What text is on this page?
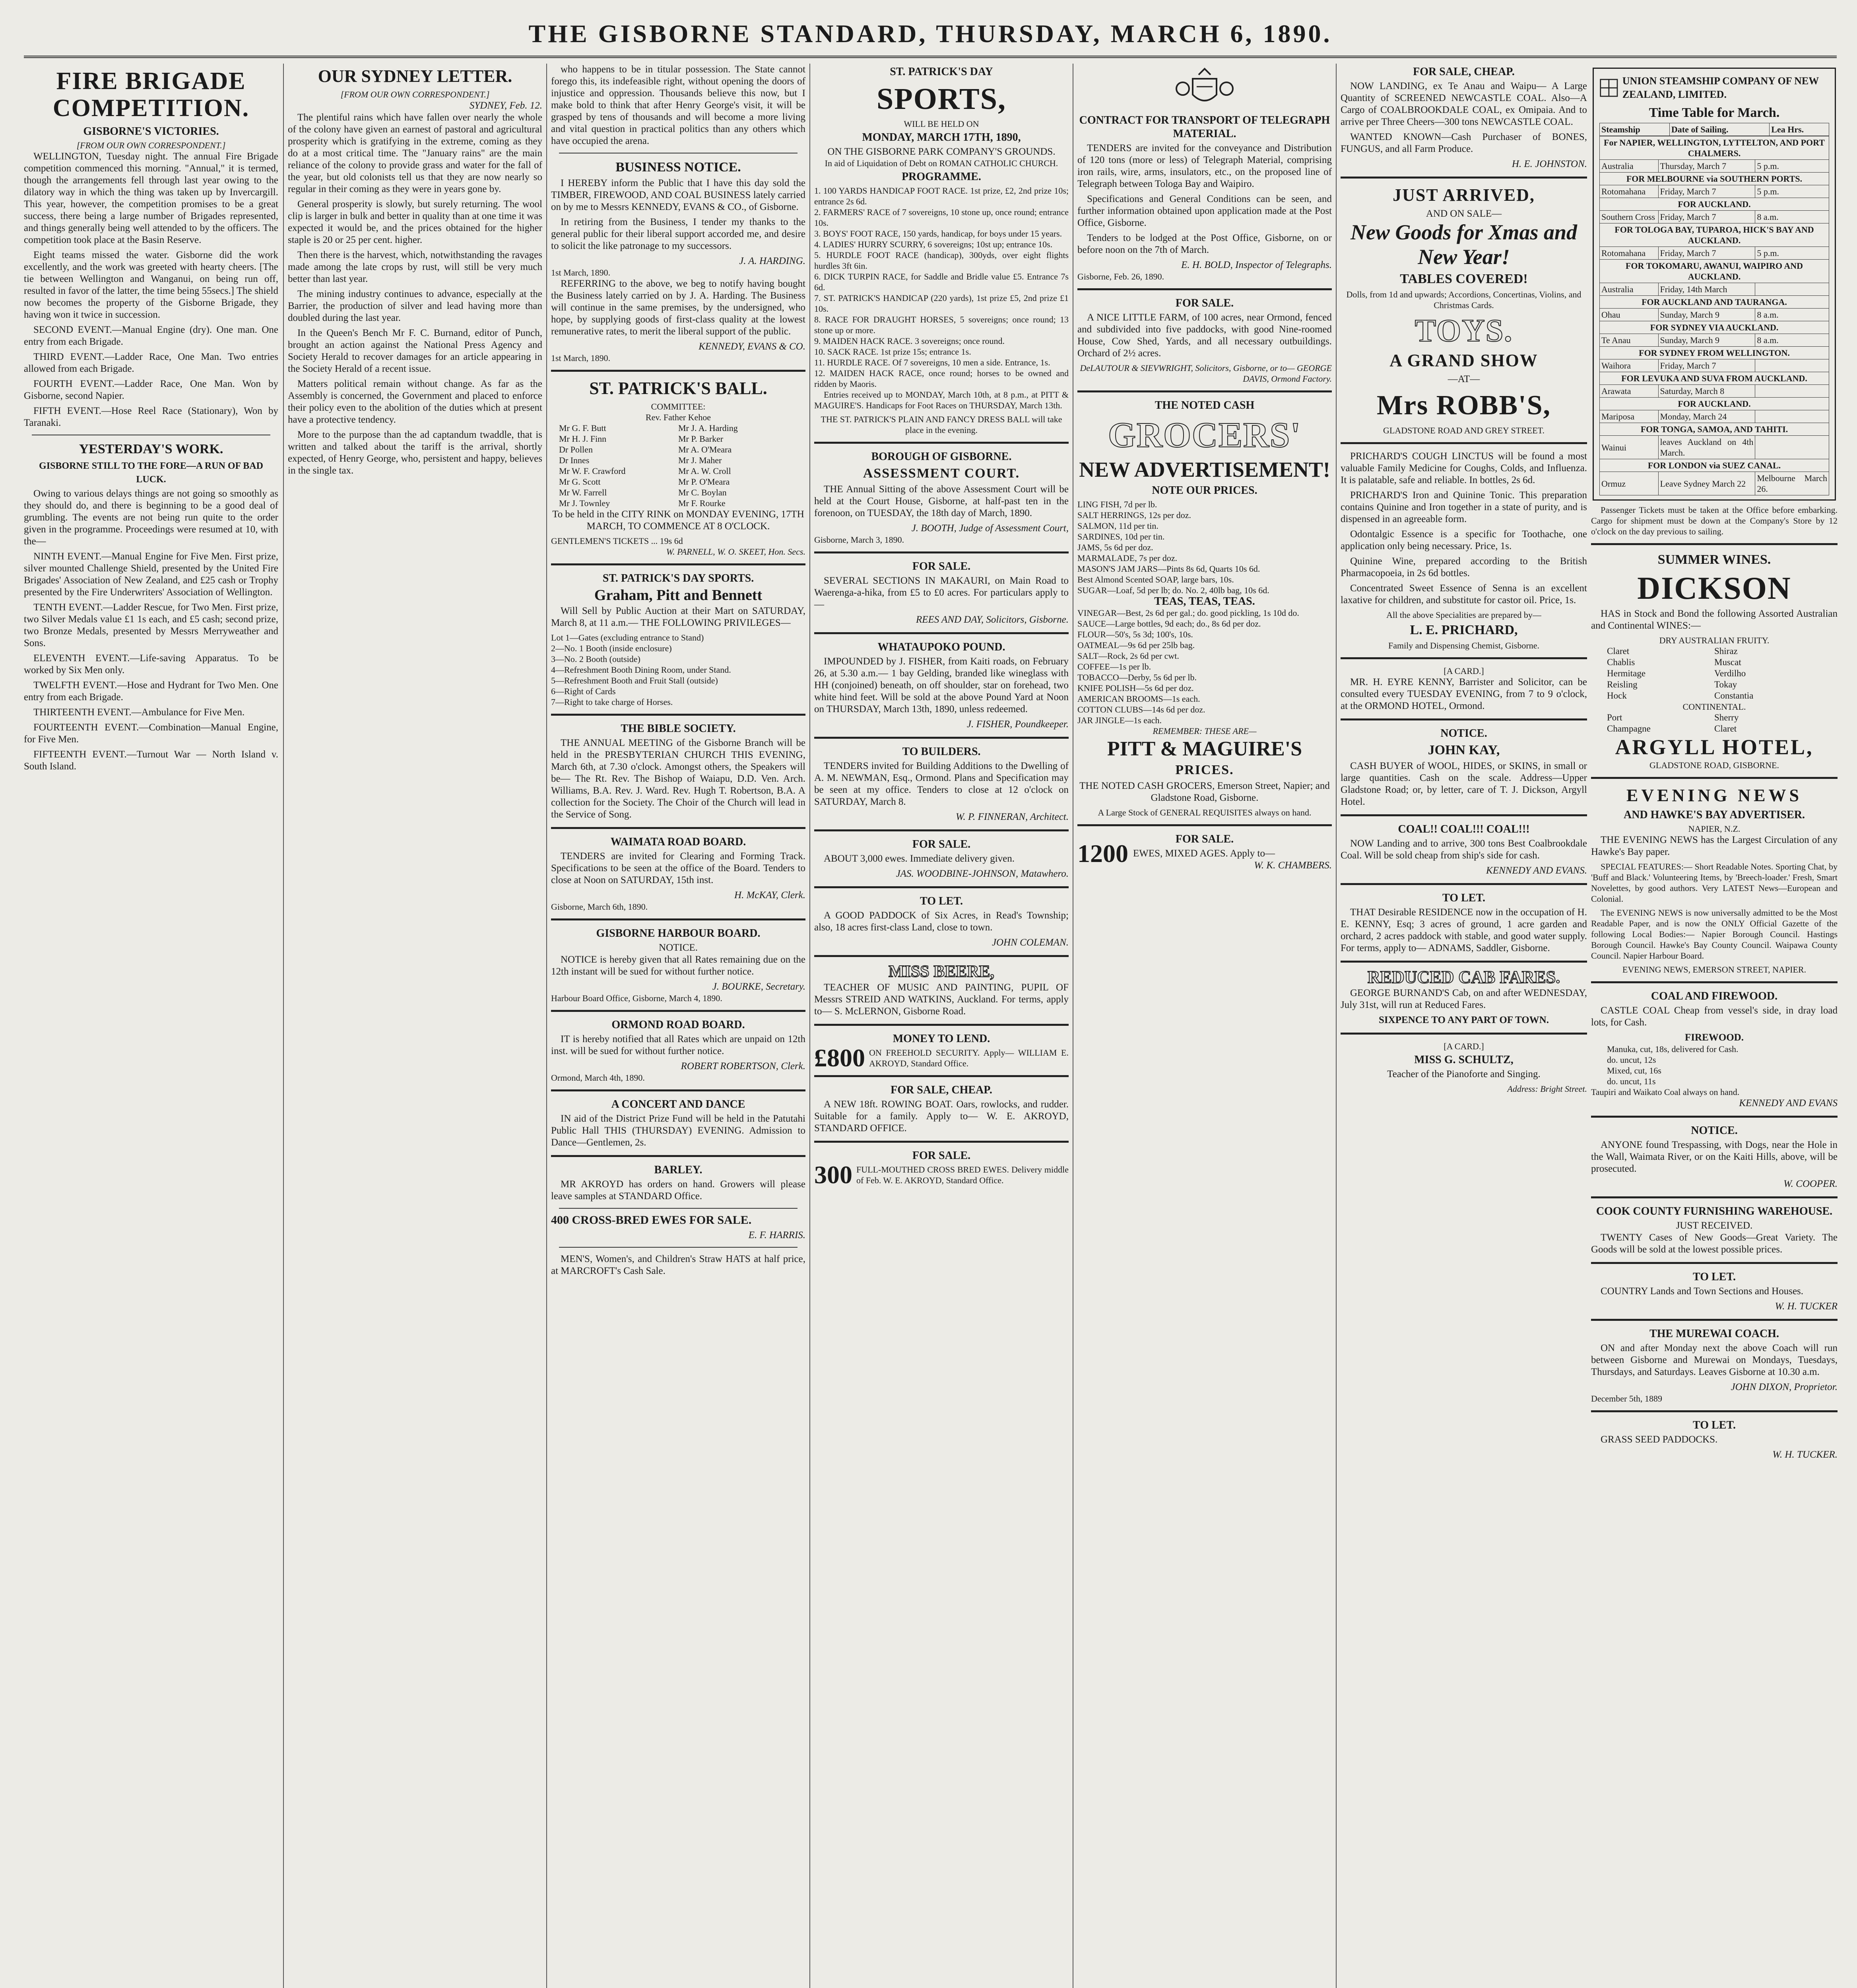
THE GISBORNE STANDARD, THURSDAY, MARCH 6, 1890.
FIRE BRIGADE COMPETITION.
GISBORNE'S VICTORIES.
[FROM OUR OWN CORRESPONDENT.]

WELLINGTON, Tuesday night. The annual Fire Brigade competition commenced this morning. "Annual," it is termed, though the arrangements fell through last year owing to the dilatory way in which the thing was taken up by Invercargill. This year, however, the competition promises to be a great success, there being a large number of Brigades represented, and things generally being well attended to by the officers. The competition took place at the Basin Reserve.

Eight teams missed the water. Gisborne did the work excellently, and the work was greeted with hearty cheers. [The tie between Wellington and Wanganui, on being run off, resulted in favor of the latter, the time being 55secs.] The shield now becomes the property of the Gisborne Brigade, they having won it twice in succession.

SECOND EVENT.—Manual Engine (dry). One man. One entry from each Brigade.

THIRD EVENT.—Ladder Race, One Man. Two entries allowed from each Brigade.

FOURTH EVENT.—Ladder Race, One Man. Won by Gisborne, second Napier.

FIFTH EVENT.—Hose Reel Race (Stationary), Won by Taranaki.

YESTERDAY'S WORK.
GISBORNE STILL TO THE FORE—A RUN OF BAD LUCK.

Owing to various delays things are not going so smoothly as they should do, and there is beginning to be a good deal of grumbling. The events are not being run quite to the order given in the programme. Proceedings were resumed at 10, with the—

NINTH EVENT.—Manual Engine for Five Men. First prize, silver mounted Challenge Shield, presented by the United Fire Brigades' Association of New Zealand, and £25 cash or Trophy presented by the Fire Underwriters' Association of Wellington.

TENTH EVENT.—Ladder Rescue, for Two Men. First prize, two Silver Medals value £1 1s each, and £5 cash; second prize, two Bronze Medals, presented by Messrs Merryweather and Sons.

ELEVENTH EVENT.—Life-saving Apparatus. To be worked by Six Men only.

TWELFTH EVENT.—Hose and Hydrant for Two Men. One entry from each Brigade.

THIRTEENTH EVENT.—Ambulance for Five Men.

FOURTEENTH EVENT.—Combination—Manual Engine, for Five Men.

FIFTEENTH EVENT.—Turnout War — North Island v. South Island.

OUR SYDNEY LETTER.
[FROM OUR OWN CORRESPONDENT.]
SYDNEY, Feb. 12.

The plentiful rains which have fallen over nearly the whole of the colony have given an earnest of pastoral and agricultural prosperity which is gratifying in the extreme, coming as they do at a most critical time. The "January rains" are the main reliance of the colony to provide grass and water for the fall of the year, but old colonists tell us that they are now nearly so regular in their coming as they were in years gone by.

General prosperity is slowly, but surely returning. The wool clip is larger in bulk and better in quality than at one time it was expected it would be, and the prices obtained for the higher staple is 20 or 25 per cent. higher.

Then there is the harvest, which, notwithstanding the ravages made among the late crops by rust, will still be very much better than last year.

The mining industry continues to advance, especially at the Barrier, the production of silver and lead having more than doubled during the last year.

In the Queen's Bench Mr F. C. Burnand, editor of Punch, brought an action against the National Press Agency and Society Herald to recover damages for an article appearing in the Society Herald of a recent issue.

Matters political remain without change. As far as the Assembly is concerned, the Government and placed to enforce their policy even to the abolition of the duties which at present have a protective tendency.

More to the purpose than the ad captandum twaddle, that is written and talked about the tariff is the arrival, shortly expected, of Henry George, who, persistent and happy, believes in the single tax.

who happens to be in titular possession. The State cannot forego this, its indefeasible right, without opening the doors of injustice and oppression. Thousands believe this now, but I make bold to think that after Henry George's visit, it will be grasped by tens of thousands and will become a more living and vital question in practical politics than any others which have occupied the arena.

BUSINESS NOTICE.

I HEREBY inform the Public that I have this day sold the TIMBER, FIREWOOD, AND COAL BUSINESS lately carried on by me to Messrs KENNEDY, EVANS & CO., of Gisborne.

In retiring from the Business, I tender my thanks to the general public for their liberal support accorded me, and desire to solicit the like patronage to my successors.

J. A. HARDING.
1st March, 1890.

REFERRING to the above, we beg to notify having bought the Business lately carried on by J. A. Harding. The Business will continue in the same premises, by the undersigned, who hope, by supplying goods of first-class quality at the lowest remunerative rates, to merit the liberal support of the public.

KENNEDY, EVANS & CO.
1st March, 1890.
ST. PATRICK'S BALL.
COMMITTEE:
Rev. Father Kehoe
Mr G. F. Butt	Mr J. A. Harding
Mr H. J. Finn	Mr P. Barker
Dr Pollen	Mr A. O'Meara
Dr Innes	Mr J. Maher
Mr W. F. Crawford	Mr A. W. Croll
Mr G. Scott	Mr P. O'Meara
Mr W. Farrell	Mr C. Boylan
Mr J. Townley	Mr F. Rourke

To be held in the CITY RINK on MONDAY EVENING, 17TH MARCH, TO COMMENCE AT 8 O'CLOCK.

GENTLEMEN'S TICKETS ... 19s 6d
W. PARNELL, W. O. SKEET, Hon. Secs.
ST. PATRICK'S DAY SPORTS.
Graham, Pitt and Bennett

Will Sell by Public Auction at their Mart on SATURDAY, March 8, at 11 a.m.— THE FOLLOWING PRIVILEGES—

Lot 1—Gates (excluding entrance to Stand)
2—No. 1 Booth (inside enclosure)
3—No. 2 Booth (outside)
4—Refreshment Booth Dining Room, under Stand.
5—Refreshment Booth and Fruit Stall (outside)
6—Right of Cards
7—Right to take charge of Horses.
THE BIBLE SOCIETY.

THE ANNUAL MEETING of the Gisborne Branch will be held in the PRESBYTERIAN CHURCH THIS EVENING, March 6th, at 7.30 o'clock. Amongst others, the Speakers will be— The Rt. Rev. The Bishop of Waiapu, D.D. Ven. Arch. Williams, B.A. Rev. J. Ward. Rev. Hugh T. Robertson, B.A. A collection for the Society. The Choir of the Church will lead in the Service of Song.

WAIMATA ROAD BOARD.

TENDERS are invited for Clearing and Forming Track. Specifications to be seen at the office of the Board. Tenders to close at Noon on SATURDAY, 15th inst.

H. McKAY, Clerk.
Gisborne, March 6th, 1890.
GISBORNE HARBOUR BOARD.
NOTICE.

NOTICE is hereby given that all Rates remaining due on the 12th instant will be sued for without further notice.

J. BOURKE, Secretary.
Harbour Board Office, Gisborne, March 4, 1890.
ORMOND ROAD BOARD.

IT is hereby notified that all Rates which are unpaid on 12th inst. will be sued for without further notice.

ROBERT ROBERTSON, Clerk.
Ormond, March 4th, 1890.
A CONCERT AND DANCE

IN aid of the District Prize Fund will be held in the Patutahi Public Hall THIS (THURSDAY) EVENING. Admission to Dance—Gentlemen, 2s.

BARLEY.

MR AKROYD has orders on hand. Growers will please leave samples at STANDARD Office.

400 CROSS-BRED EWES FOR SALE.

E. F. HARRIS.

MEN'S, Women's, and Children's Straw HATS at half price, at MARCROFT's Cash Sale.

ST. PATRICK'S DAY
SPORTS,
WILL BE HELD ON
MONDAY, MARCH 17TH, 1890,
ON THE GISBORNE PARK COMPANY'S GROUNDS.
In aid of Liquidation of Debt on ROMAN CATHOLIC CHURCH.
PROGRAMME.
1. 100 YARDS HANDICAP FOOT RACE. 1st prize, £2, 2nd prize 10s; entrance 2s 6d.
2. FARMERS' RACE of 7 sovereigns, 10 stone up, once round; entrance 10s.
3. BOYS' FOOT RACE, 150 yards, handicap, for boys under 15 years.
4. LADIES' HURRY SCURRY, 6 sovereigns; 10st up; entrance 10s.
5. HURDLE FOOT RACE (handicap), 300yds, over eight flights hurdles 3ft 6in.
6. DICK TURPIN RACE, for Saddle and Bridle value £5. Entrance 7s 6d.
7. ST. PATRICK'S HANDICAP (220 yards), 1st prize £5, 2nd prize £1 10s.
8. RACE FOR DRAUGHT HORSES, 5 sovereigns; once round; 13 stone up or more.
9. MAIDEN HACK RACE. 3 sovereigns; once round.
10. SACK RACE. 1st prize 15s; entrance 1s.
11. HURDLE RACE. Of 7 sovereigns, 10 men a side. Entrance, 1s.
12. MAIDEN HACK RACE, once round; horses to be owned and ridden by Maoris.

Entries received up to MONDAY, March 10th, at 8 p.m., at PITT & MAGUIRE'S. Handicaps for Foot Races on THURSDAY, March 13th.

THE ST. PATRICK'S PLAIN AND FANCY DRESS BALL will take place in the evening.

BOROUGH OF GISBORNE.
ASSESSMENT COURT.

THE Annual Sitting of the above Assessment Court will be held at the Court House, Gisborne, at half-past ten in the forenoon, on TUESDAY, the 18th day of March, 1890.

J. BOOTH, Judge of Assessment Court,
Gisborne, March 3, 1890.
FOR SALE.

SEVERAL SECTIONS IN MAKAURI, on Main Road to Waerenga-a-hika, from £5 to £0 acres. For particulars apply to—

REES AND DAY, Solicitors, Gisborne.
WHATAUPOKO POUND.

IMPOUNDED by J. FISHER, from Kaiti roads, on February 26, at 5.30 a.m.— 1 bay Gelding, branded like wineglass with HH (conjoined) beneath, on off shoulder, star on forehead, two white hind feet. Will be sold at the above Pound Yard at Noon on THURSDAY, March 13th, 1890, unless redeemed.

J. FISHER, Poundkeeper.
TO BUILDERS.

TENDERS invited for Building Additions to the Dwelling of A. M. NEWMAN, Esq., Ormond. Plans and Specification may be seen at my office. Tenders to close at 12 o'clock on SATURDAY, March 8.

W. P. FINNERAN, Architect.
FOR SALE.

ABOUT 3,000 ewes. Immediate delivery given.

JAS. WOODBINE-JOHNSON, Matawhero.
TO LET.

A GOOD PADDOCK of Six Acres, in Read's Township; also, 18 acres first-class Land, close to town.

JOHN COLEMAN.
MISS BEERE,

TEACHER OF MUSIC AND PAINTING, PUPIL OF Messrs STREID AND WATKINS, Auckland. For terms, apply to— S. McLERNON, Gisborne Road.

MONEY TO LEND.
£800 ON FREEHOLD SECURITY. Apply— WILLIAM E. AKROYD, Standard Office.
FOR SALE, CHEAP.

A NEW 18ft. ROWING BOAT. Oars, rowlocks, and rudder. Suitable for a family. Apply to— W. E. AKROYD, STANDARD OFFICE.

FOR SALE.
300 FULL-MOUTHED CROSS BRED EWES. Delivery middle of Feb. W. E. AKROYD, Standard Office.
CONTRACT FOR TRANSPORT OF TELEGRAPH MATERIAL.

TENDERS are invited for the conveyance and Distribution of 120 tons (more or less) of Telegraph Material, comprising iron rails, wire, arms, insulators, etc., on the proposed line of Telegraph between Tologa Bay and Waipiro.

Specifications and General Conditions can be seen, and further information obtained upon application made at the Post Office, Gisborne.

Tenders to be lodged at the Post Office, Gisborne, on or before noon on the 7th of March.

E. H. BOLD, Inspector of Telegraphs.
Gisborne, Feb. 26, 1890.
FOR SALE.

A NICE LITTLE FARM, of 100 acres, near Ormond, fenced and subdivided into five paddocks, with good Nine-roomed House, Cow Shed, Yards, and all necessary outbuildings. Orchard of 2½ acres.

DeLAUTOUR & SIEVWRIGHT, Solicitors, Gisborne, or to— GEORGE DAVIS, Ormond Factory.
THE NOTED CASH
GROCERS'
NEW ADVERTISEMENT!
NOTE OUR PRICES.
LING FISH, 7d per lb.
SALT HERRINGS, 12s per doz.
SALMON, 11d per tin.
SARDINES, 10d per tin.
JAMS, 5s 6d per doz.
MARMALADE, 7s per doz.
MASON'S JAM JARS—Pints 8s 6d, Quarts 10s 6d.
Best Almond Scented SOAP, large bars, 10s.
SUGAR—Loaf, 5d per lb; do. No. 2, 40lb bag, 10s 6d.
TEAS, TEAS, TEAS.
VINEGAR—Best, 2s 6d per gal.; do. good pickling, 1s 10d do.
SAUCE—Large bottles, 9d each; do., 8s 6d per doz.
FLOUR—50's, 5s 3d; 100's, 10s.
OATMEAL—9s 6d per 25lb bag.
SALT—Rock, 2s 6d per cwt.
COFFEE—1s per lb.
TOBACCO—Derby, 5s 6d per lb.
KNIFE POLISH—5s 6d per doz.
AMERICAN BROOMS—1s each.
COTTON CLUBS—14s 6d per doz.
JAR JINGLE—1s each.
REMEMBER: THESE ARE—
PITT & MAGUIRE'S
PRICES.

THE NOTED CASH GROCERS, Emerson Street, Napier; and Gladstone Road, Gisborne.

A Large Stock of GENERAL REQUISITES always on hand.
FOR SALE.
1200 EWES, MIXED AGES. Apply to—
W. K. CHAMBERS.
FOR SALE, CHEAP.

NOW LANDING, ex Te Anau and Waipu— A Large Quantity of SCREENED NEWCASTLE COAL. Also—A Cargo of COALBROOKDALE COAL, ex Omipaia. And to arrive per Three Cheers—300 tons NEWCASTLE COAL.

WANTED KNOWN—Cash Purchaser of BONES, FUNGUS, and all Farm Produce.

H. E. JOHNSTON.
JUST ARRIVED,
AND ON SALE—
New Goods for Xmas and New Year!
TABLES COVERED!

Dolls, from 1d and upwards; Accordions, Concertinas, Violins, and Christmas Cards.

TOYS.
A GRAND SHOW
—AT—
Mrs ROBB'S,
GLADSTONE ROAD AND GREY STREET.

PRICHARD'S COUGH LINCTUS will be found a most valuable Family Medicine for Coughs, Colds, and Influenza. It is palatable, safe and reliable. In bottles, 2s 6d.

PRICHARD'S Iron and Quinine Tonic. This preparation contains Quinine and Iron together in a state of purity, and is dispensed in an agreeable form.

Odontalgic Essence is a specific for Toothache, one application only being necessary. Price, 1s.

Quinine Wine, prepared according to the British Pharmacopoeia, in 2s 6d bottles.

Concentrated Sweet Essence of Senna is an excellent laxative for children, and substitute for castor oil. Price, 1s.

All the above Specialities are prepared by—
L. E. PRICHARD,
Family and Dispensing Chemist, Gisborne.
[A CARD.]

MR. H. EYRE KENNY, Barrister and Solicitor, can be consulted every TUESDAY EVENING, from 7 to 9 o'clock, at the ORMOND HOTEL, Ormond.

NOTICE.
JOHN KAY,

CASH BUYER of WOOL, HIDES, or SKINS, in small or large quantities. Cash on the scale. Address—Upper Gladstone Road; or, by letter, care of T. J. Dickson, Argyll Hotel.

COAL!! COAL!!! COAL!!!

NOW Landing and to arrive, 300 tons Best Coalbrookdale Coal. Will be sold cheap from ship's side for cash.

KENNEDY AND EVANS.
TO LET.

THAT Desirable RESIDENCE now in the occupation of H. E. KENNY, Esq; 3 acres of ground, 1 acre garden and orchard, 2 acres paddock with stable, and good water supply. For terms, apply to— ADNAMS, Saddler, Gisborne.

REDUCED CAB FARES.

GEORGE BURNAND'S Cab, on and after WEDNESDAY, July 31st, will run at Reduced Fares.

SIXPENCE TO ANY PART OF TOWN.
[A CARD.]
MISS G. SCHULTZ,

Teacher of the Pianoforte and Singing.

Address: Bright Street.

UNION STEAMSHIP COMPANY OF NEW ZEALAND, LIMITED.
Time Table for March.
Steamship	Date of Sailing.	Lea Hrs.
For NAPIER, WELLINGTON, LYTTELTON, AND PORT CHALMERS.		
Australia	Thursday, March 7	5 p.m.
FOR MELBOURNE via SOUTHERN PORTS.		
Rotomahana	Friday, March 7	5 p.m.
FOR AUCKLAND.		
Southern Cross	Friday, March 7	8 a.m.
FOR TOLOGA BAY, TUPAROA, HICK'S BAY AND AUCKLAND.		
Rotomahana	Friday, March 7	5 p.m.
FOR TOKOMARU, AWANUI, WAIPIRO AND AUCKLAND.		
Australia	Friday, 14th March	
FOR AUCKLAND AND TAURANGA.		
Ohau	Sunday, March 9	8 a.m.
FOR SYDNEY VIA AUCKLAND.		
Te Anau	Sunday, March 9	8 a.m.
FOR SYDNEY FROM WELLINGTON.		
Waihora	Friday, March 7	
FOR LEVUKA AND SUVA FROM AUCKLAND.		
Arawata	Saturday, March 8	
FOR AUCKLAND.		
Mariposa	Monday, March 24	
FOR TONGA, SAMOA, AND TAHITI.		
Wainui	leaves Auckland on 4th March.	
FOR LONDON via SUEZ CANAL.		
Ormuz	Leave Sydney March 22	Melbourne March 26.

Passenger Tickets must be taken at the Office before embarking. Cargo for shipment must be down at the Company's Store by 12 o'clock on the day previous to sailing.

SUMMER WINES.
DICKSON

HAS in Stock and Bond the following Assorted Australian and Continental WINES:—

DRY AUSTRALIAN FRUITY.
Claret	Shiraz
Chablis	Muscat
Hermitage	Verdilho
Reisling	Tokay
Hock	Constantia
CONTINENTAL.
Port	Sherry
Champagne	Claret
ARGYLL HOTEL,
GLADSTONE ROAD, GISBORNE.
EVENING NEWS
AND HAWKE'S BAY ADVERTISER.
NAPIER, N.Z.

THE EVENING NEWS has the Largest Circulation of any Hawke's Bay paper.

SPECIAL FEATURES:— Short Readable Notes. Sporting Chat, by 'Buff and Black.' Volunteering Items, by 'Breech-loader.' Fresh, Smart Novelettes, by good authors. Very LATEST News—European and Colonial.

The EVENING NEWS is now universally admitted to be the Most Readable Paper, and is now the ONLY Official Gazette of the following Local Bodies:— Napier Borough Council. Hastings Borough Council. Hawke's Bay County Council. Waipawa County Council. Napier Harbour Board.

EVENING NEWS, EMERSON STREET, NAPIER.
COAL AND FIREWOOD.

CASTLE COAL Cheap from vessel's side, in dray load lots, for Cash.

FIREWOOD.
Manuka, cut, 18s, delivered for Cash.
do. uncut, 12s
Mixed, cut, 16s
do. uncut, 11s
Taupiri and Waikato Coal always on hand.
KENNEDY AND EVANS
NOTICE.

ANYONE found Trespassing, with Dogs, near the Hole in the Wall, Waimata River, or on the Kaiti Hills, above, will be prosecuted.

W. COOPER.
COOK COUNTY FURNISHING WAREHOUSE.
JUST RECEIVED.

TWENTY Cases of New Goods—Great Variety. The Goods will be sold at the lowest possible prices.

TO LET.

COUNTRY Lands and Town Sections and Houses.

W. H. TUCKER
THE MUREWAI COACH.

ON and after Monday next the above Coach will run between Gisborne and Murewai on Mondays, Tuesdays, Thursdays, and Saturdays. Leaves Gisborne at 10.30 a.m.

JOHN DIXON, Proprietor.
December 5th, 1889
TO LET.

GRASS SEED PADDOCKS.

W. H. TUCKER.
